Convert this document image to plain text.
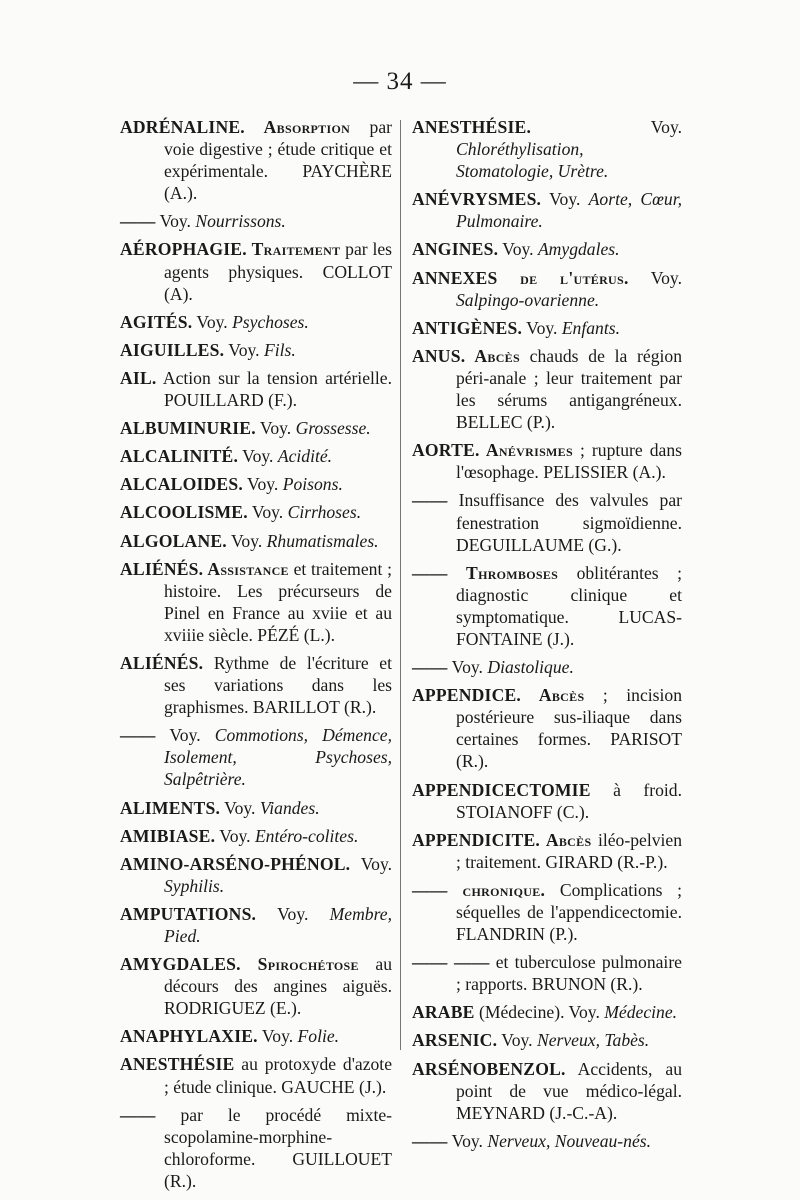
— 34 —

ADRÉNALINE. Absorption par voie digestive ; étude critique et expérimentale. PAYCHÈRE (A.).

—— Voy. Nourrissons.

AÉROPHAGIE. Traitement par les agents physiques. COLLOT (A).

AGITÉS. Voy. Psychoses.

AIGUILLES. Voy. Fils.

AIL. Action sur la tension artérielle. POUILLARD (F.).

ALBUMINURIE. Voy. Grossesse.

ALCALINITÉ. Voy. Acidité.

ALCALOIDES. Voy. Poisons.

ALCOOLISME. Voy. Cirrhoses.

ALGOLANE. Voy. Rhumatismales.

ALIÉNÉS. Assistance et traitement ; histoire. Les précurseurs de Pinel en France au xviie et au xviiie siècle. PÉZÉ (L.).

ALIÉNÉS. Rythme de l'écriture et ses variations dans les graphismes. BARILLOT (R.).

—— Voy. Commotions, Démence, Isolement, Psychoses, Salpêtrière.

ALIMENTS. Voy. Viandes.

AMIBIASE. Voy. Entéro-colites.

AMINO-ARSÉNO-PHÉNOL. Voy. Syphilis.

AMPUTATIONS. Voy. Membre, Pied.

AMYGDALES. Spirochétose au décours des angines aiguës. RODRIGUEZ (E.).

ANAPHYLAXIE. Voy. Folie.

ANESTHÉSIE au protoxyde d'azote ; étude clinique. GAUCHE (J.).

—— par le procédé mixte-scopolamine-morphine-chloroforme. GUILLOUET (R.).

ANESTHÉSIE. Voy. Chloréthylisation, Stomatologie, Urètre.

ANÉVRYSMES. Voy. Aorte, Cœur, Pulmonaire.

ANGINES. Voy. Amygdales.

ANNEXES de l'utérus. Voy. Salpingo-ovarienne.

ANTIGÈNES. Voy. Enfants.

ANUS. Abcès chauds de la région péri-anale ; leur traitement par les sérums antigangréneux. BELLEC (P.).

AORTE. Anévrismes ; rupture dans l'œsophage. PELISSIER (A.).

—— Insuffisance des valvules par fenestration sigmoïdienne. DEGUILLAUME (G.).

—— Thromboses oblitérantes ; diagnostic clinique et symptomatique. LUCAS-FONTAINE (J.).

—— Voy. Diastolique.

APPENDICE. Abcès ; incision postérieure sus-iliaque dans certaines formes. PARISOT (R.).

APPENDICECTOMIE à froid. STOIANOFF (C.).

APPENDICITE. Abcès iléo-pelvien ; traitement. GIRARD (R.-P.).

—— chronique. Complications ; séquelles de l'appendicectomie. FLANDRIN (P.).

—— —— et tuberculose pulmonaire ; rapports. BRUNON (R.).

ARABE (Médecine). Voy. Médecine.

ARSENIC. Voy. Nerveux, Tabès.

ARSÉNOBENZOL. Accidents, au point de vue médico-légal. MEYNARD (J.-C.-A).

—— Voy. Nerveux, Nouveau-nés.
